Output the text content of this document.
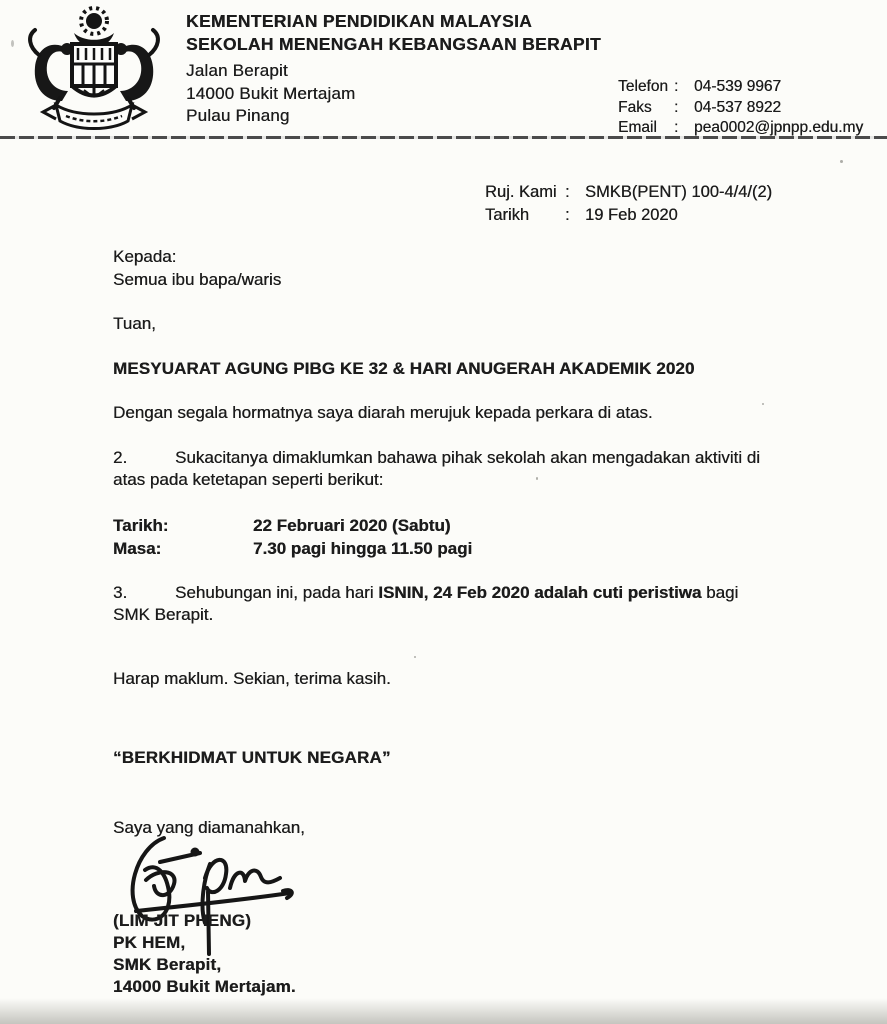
KEMENTERIAN PENDIDIKAN MALAYSIA
SEKOLAH MENENGAH KEBANGSAAN BERAPIT
Jalan Berapit
14000 Bukit Mertajam
Pulau Pinang
Telefon :	04-539 9967
Faks	:	04-537 8922
Email	:	pea0002@jpnpp.edu.my
Ruj. Kami : SMKB(PENT) 100-4/4/(2)
Tarikh	: 19 Feb 2020

Kepada:
Semua ibu bapa/waris

Tuan,

MESYUARAT AGUNG PIBG KE 32 & HARI ANUGERAH AKADEMIK 2020

Dengan segala hormatnya saya diarah merujuk kepada perkara di atas.

2.	Sukacitanya dimaklumkan bahawa pihak sekolah akan mengadakan aktiviti di
atas pada ketetapan seperti berikut:

Tarikh:	22 Februari 2020 (Sabtu)
Masa:	7.30 pagi hingga 11.50 pagi

3.	Sehubungan ini, pada hari ISNIN, 24 Feb 2020 adalah cuti peristiwa bagi
SMK Berapit.

Harap maklum. Sekian, terima kasih.

“BERKHIDMAT UNTUK NEGARA”

Saya yang diamanahkan,

(LIM JIT PHENG)
PK HEM,
SMK Berapit,
14000 Bukit Mertajam.
